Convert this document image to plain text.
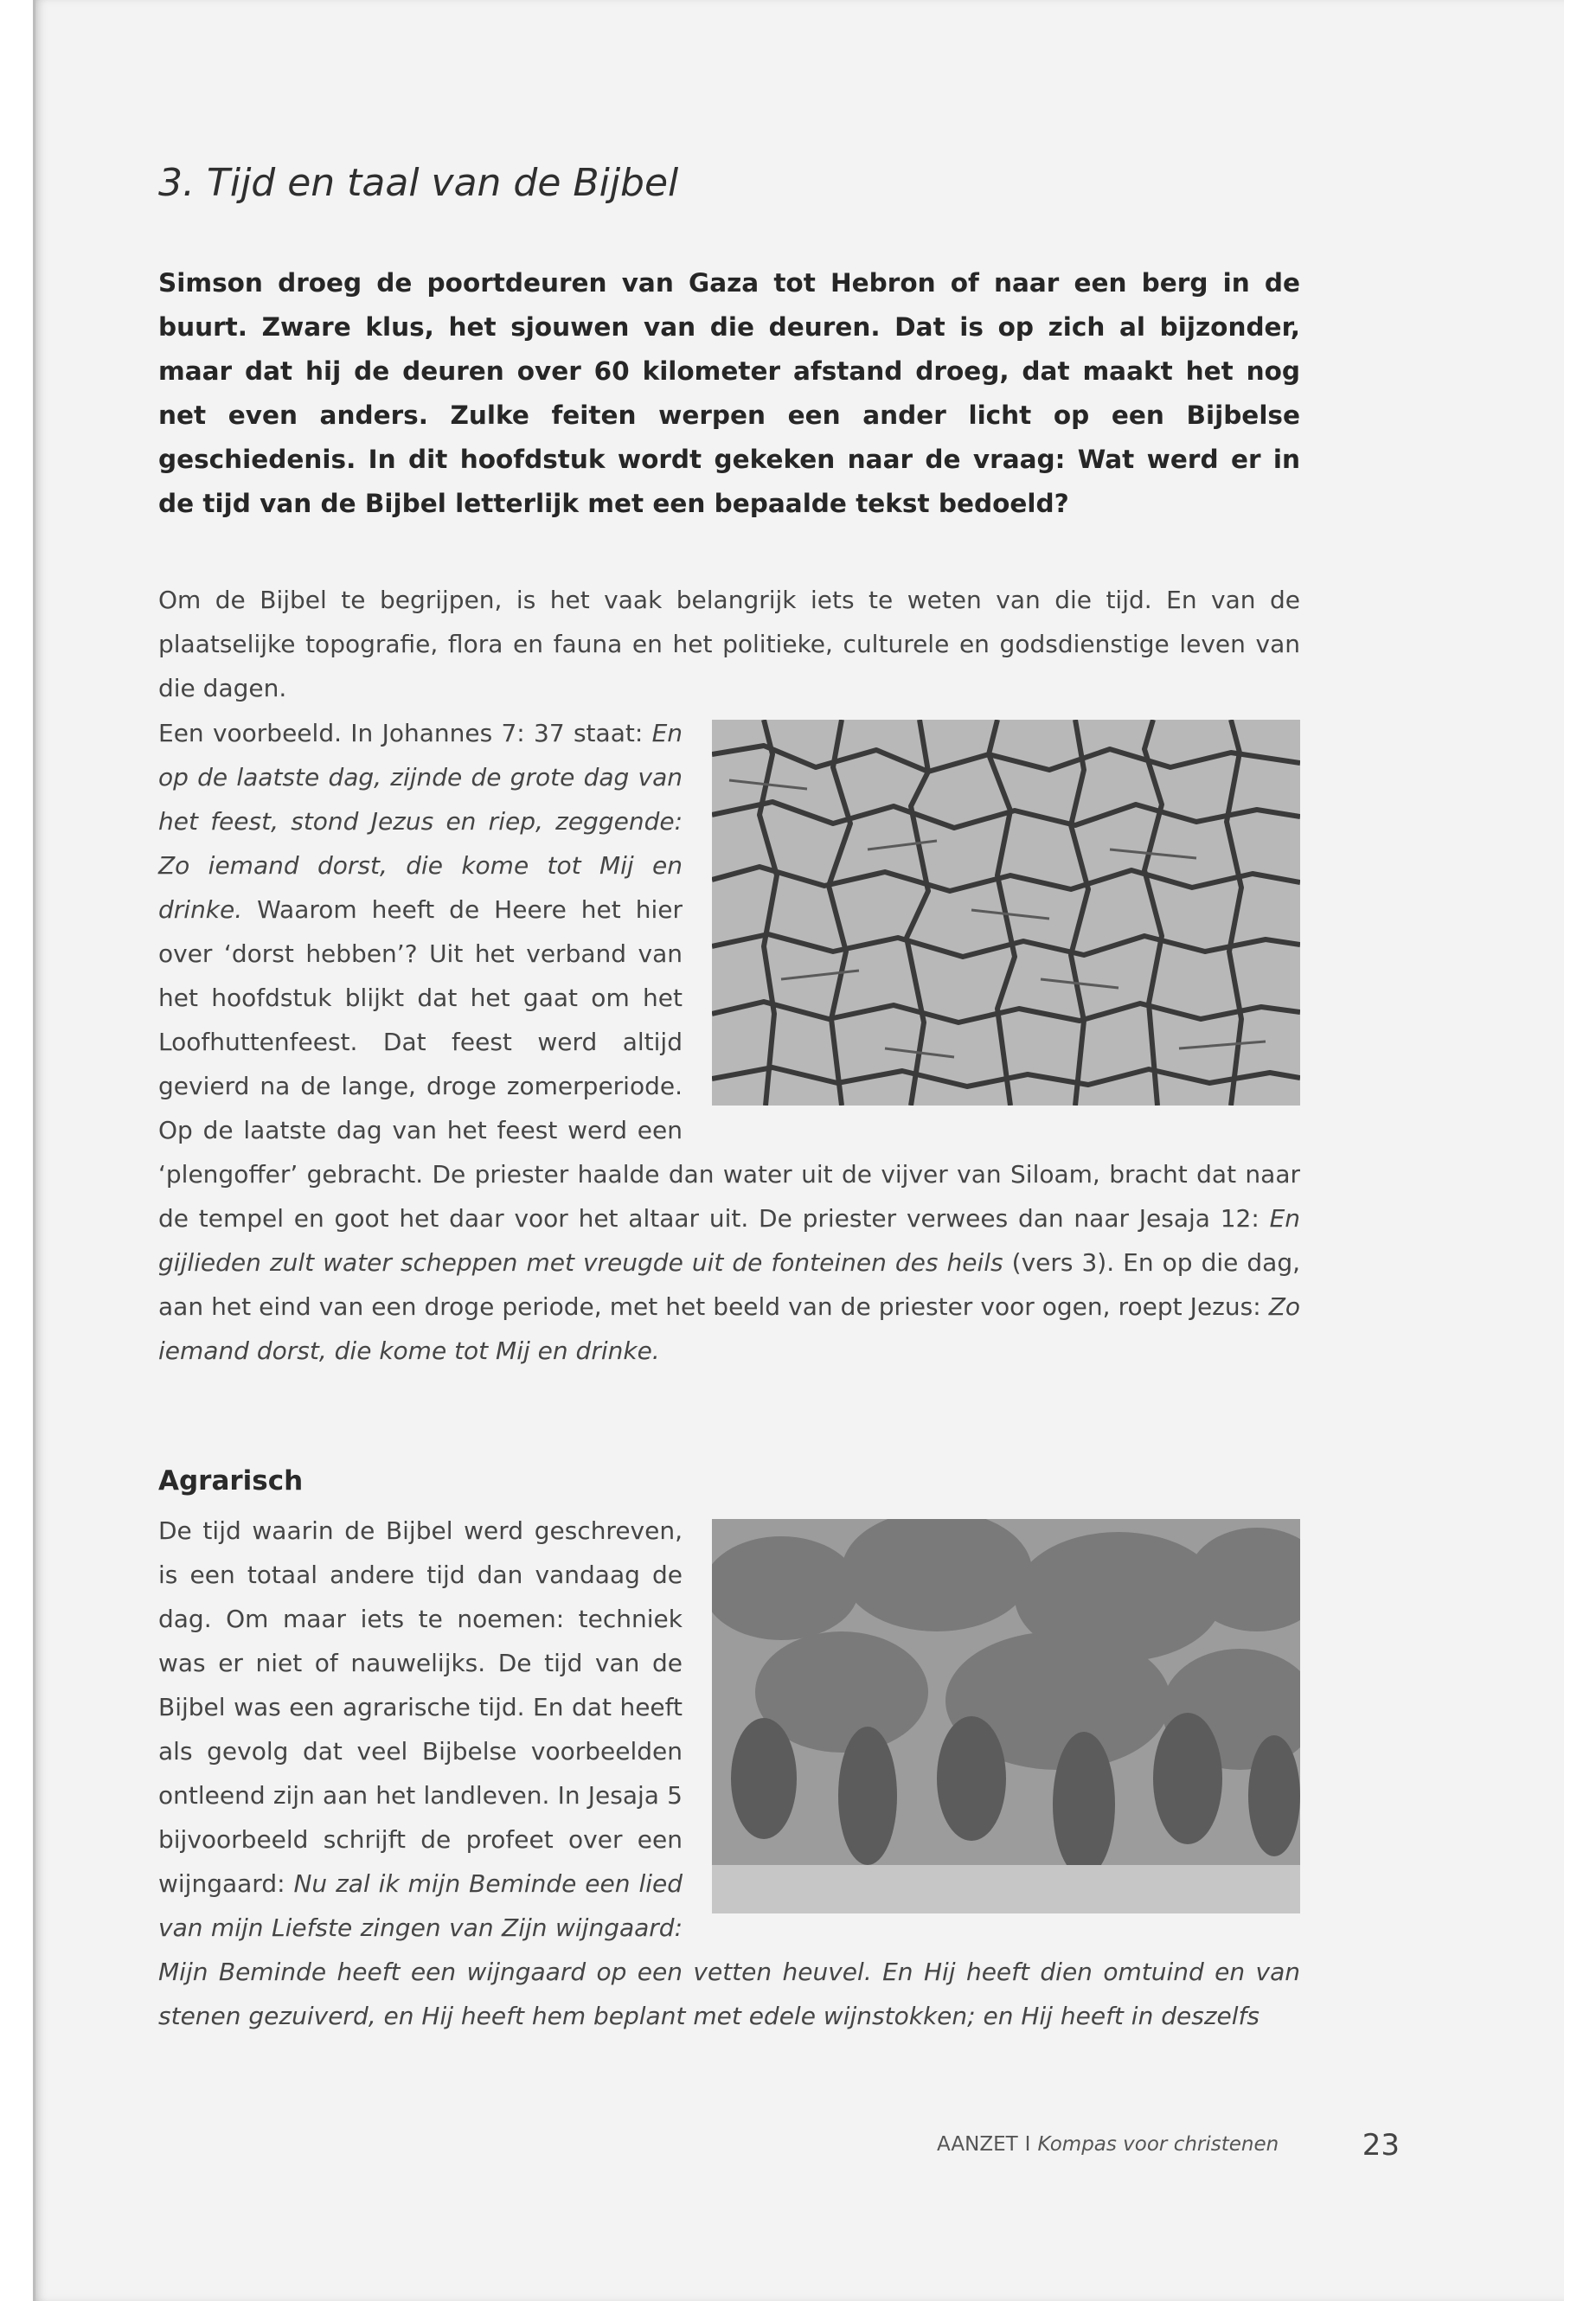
3. Tijd en taal van de Bijbel

Simson droeg de poortdeuren van Gaza tot Hebron of naar een berg in de buurt. Zware klus, het sjouwen van die deuren. Dat is op zich al bijzonder, maar dat hij de deuren over 60 kilometer afstand droeg, dat maakt het nog net even anders. Zulke feiten werpen een ander licht op een Bijbelse geschiedenis. In dit hoofdstuk wordt gekeken naar de vraag: Wat werd er in de tijd van de Bijbel letterlijk met een bepaalde tekst bedoeld?

Om de Bijbel te begrijpen, is het vaak belangrijk iets te weten van die tijd. En van de plaatselijke topografie, flora en fauna en het politieke, culturele en godsdienstige leven van die dagen.

Een voorbeeld. In Johannes 7: 37 staat: En op de laatste dag, zijnde de grote dag van het feest, stond Jezus en riep, zeggende: Zo iemand dorst, die kome tot Mij en drinke. Waarom heeft de Heere het hier over ‘dorst hebben’? Uit het verband van het hoofdstuk blijkt dat het gaat om het Loofhuttenfeest. Dat feest werd altijd gevierd na de lange, droge zomerperiode. Op de laatste dag van het feest werd een ‘plengoffer’ gebracht. De priester haalde dan water uit de vijver van Siloam, bracht dat naar de tempel en goot het daar voor het altaar uit. De priester verwees dan naar Jesaja 12: En gijlieden zult water scheppen met vreugde uit de fonteinen des heils (vers 3). En op die dag, aan het eind van een droge periode, met het beeld van de priester voor ogen, roept Jezus: Zo iemand dorst, die kome tot Mij en drinke.

Agrarisch

De tijd waarin de Bijbel werd geschreven, is een totaal andere tijd dan vandaag de dag. Om maar iets te noemen: techniek was er niet of nauwelijks. De tijd van de Bijbel was een agrarische tijd. En dat heeft als gevolg dat veel Bijbelse voorbeelden ontleend zijn aan het landleven. In Jesaja 5 bijvoorbeeld schrijft de profeet over een wijngaard: Nu zal ik mijn Beminde een lied van mijn Liefste zingen van Zijn wijngaard: Mijn Beminde heeft een wijngaard op een vetten heuvel. En Hij heeft dien omtuind en van stenen gezuiverd, en Hij heeft hem beplant met edele wijnstokken; en Hij heeft in deszelfs

AANZET I Kompas voor christenen	23
